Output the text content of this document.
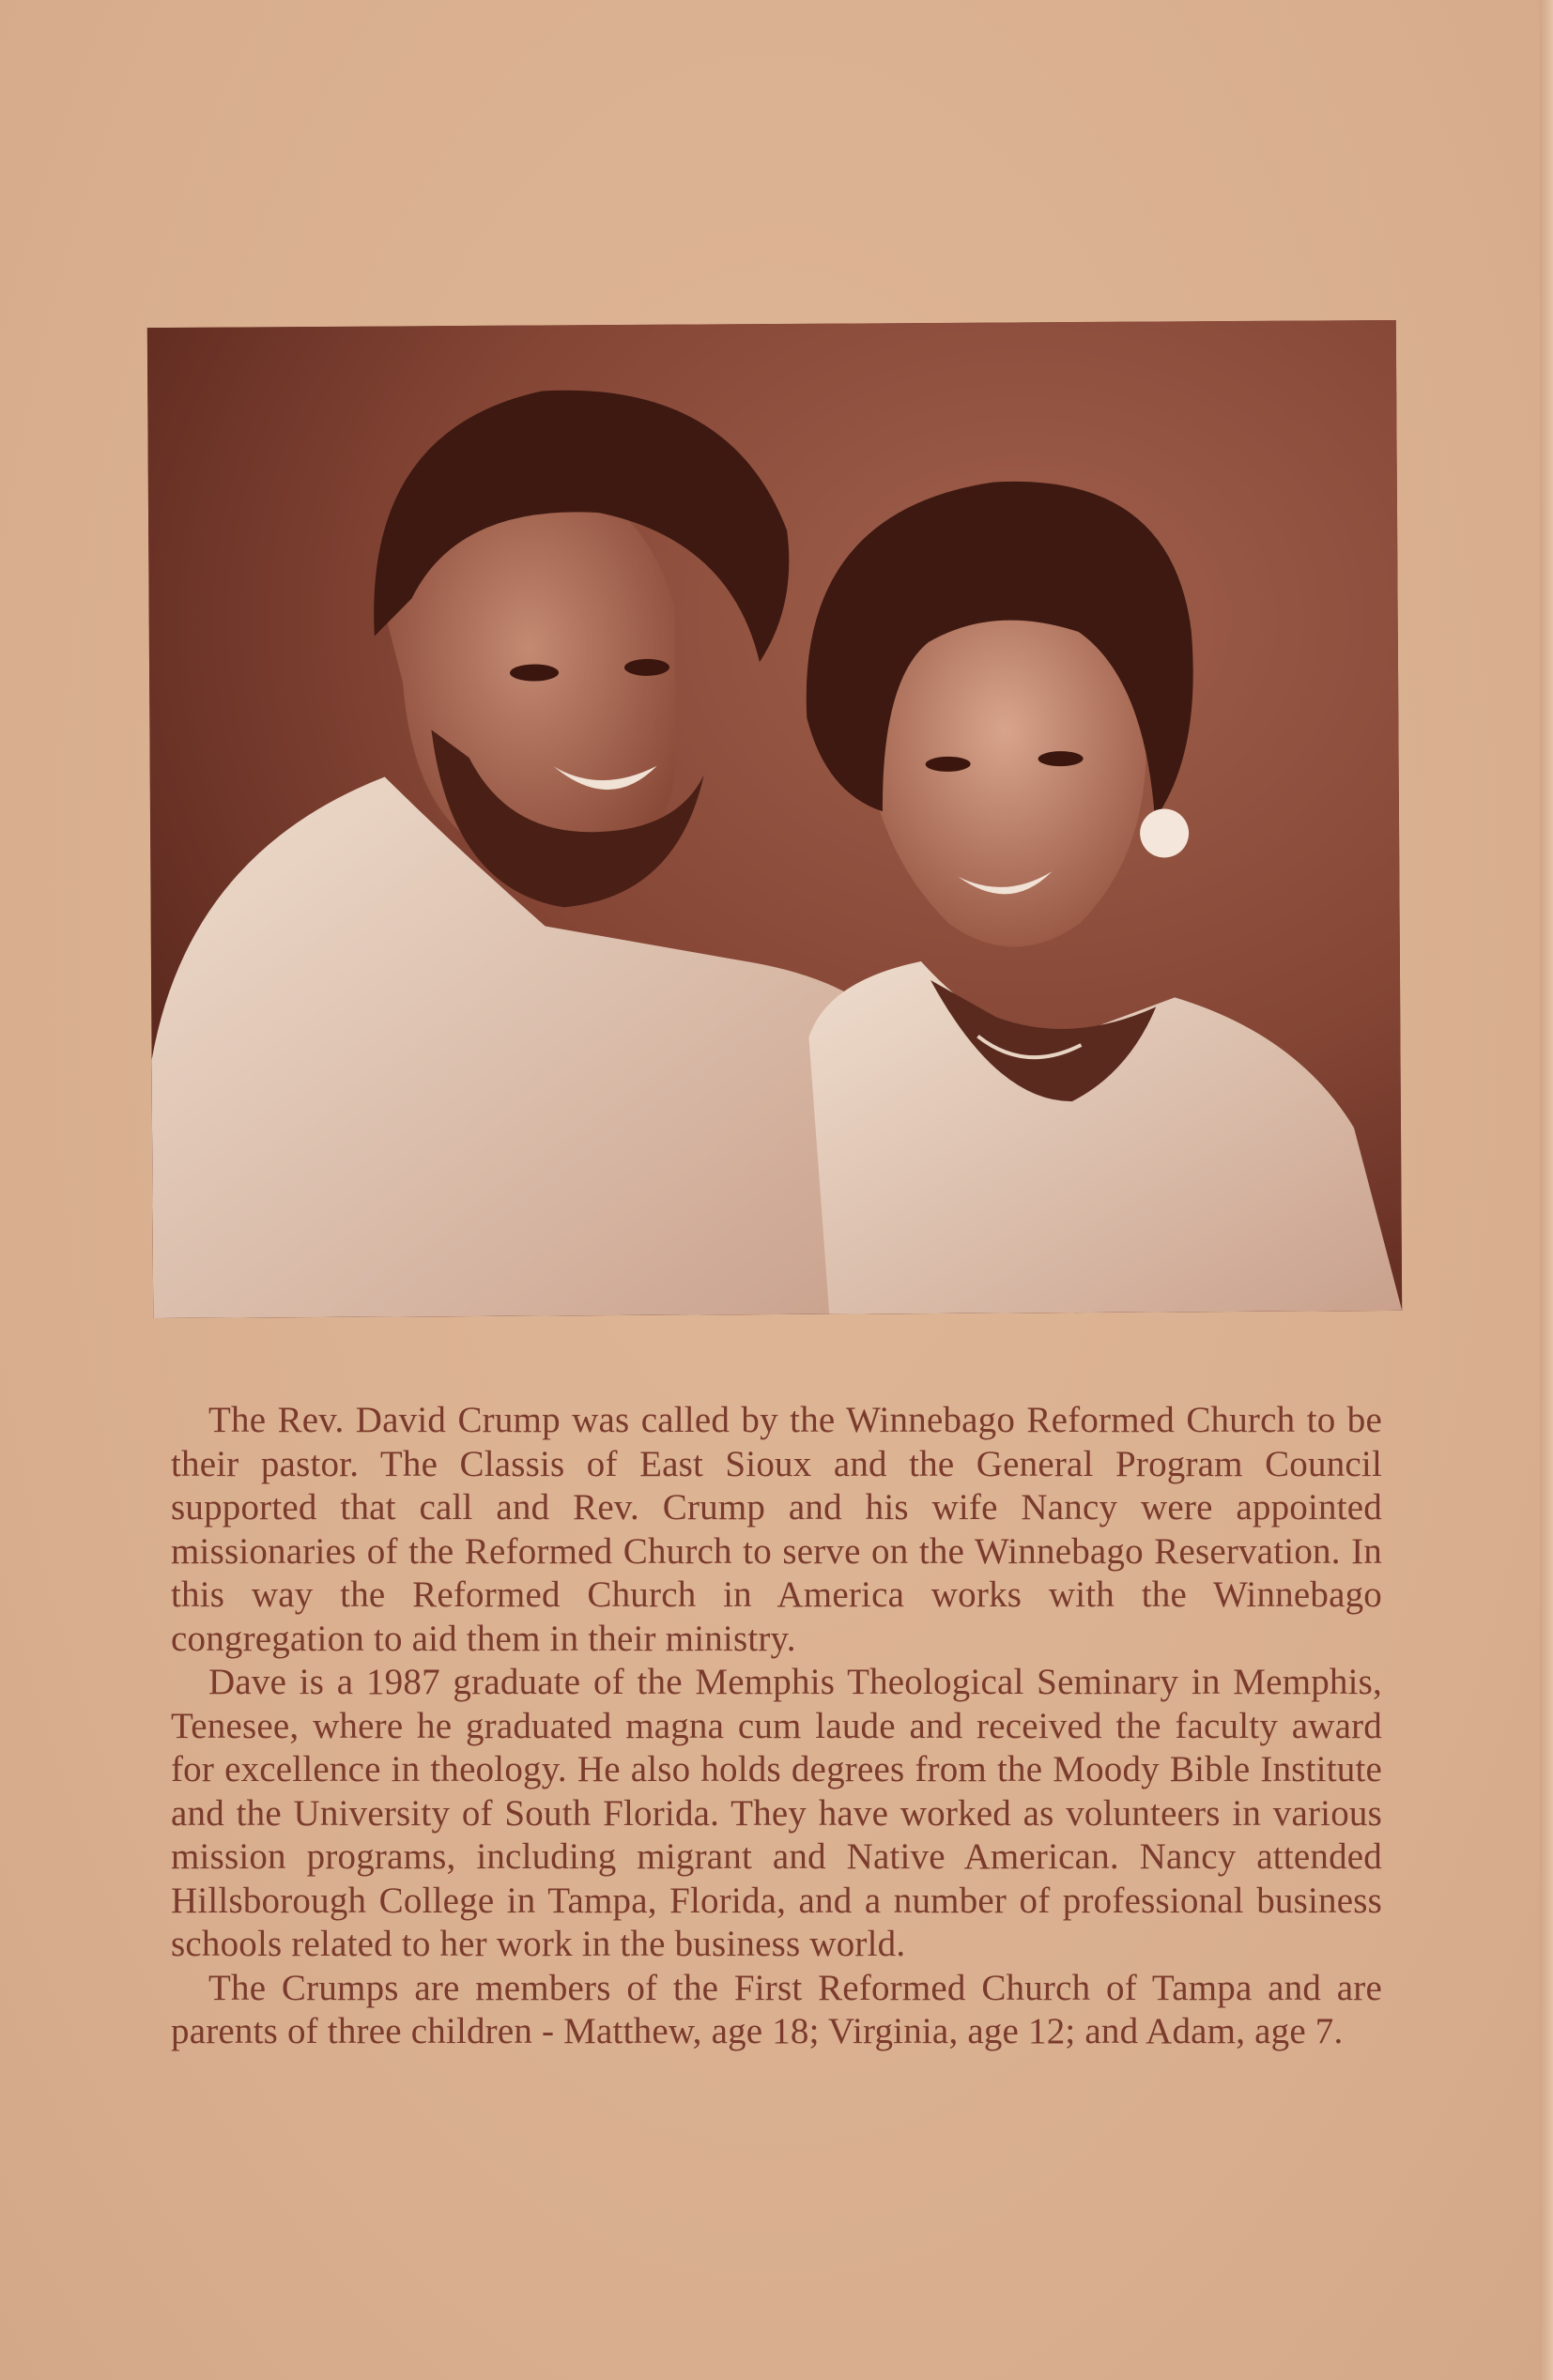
The Rev. David Crump was called by the Winnebago Reformed Church to be their pastor. The Classis of East Sioux and the General Program Council supported that call and Rev. Crump and his wife Nancy were appointed missionaries of the Reformed Church to serve on the Winnebago Reservation. In this way the Reformed Church in America works with the Winnebago congregation to aid them in their ministry.

Dave is a 1987 graduate of the Memphis Theological Seminary in Memphis, Tenesee, where he graduated magna cum laude and received the faculty award for excellence in theology. He also holds degrees from the Moody Bible Institute and the University of South Florida. They have worked as volunteers in various mission programs, including migrant and Native American. Nancy attended Hillsborough College in Tampa, Florida, and a number of professional business schools related to her work in the business world.

The Crumps are members of the First Reformed Church of Tampa and are parents of three children - Matthew, age 18; Virginia, age 12; and Adam, age 7.
